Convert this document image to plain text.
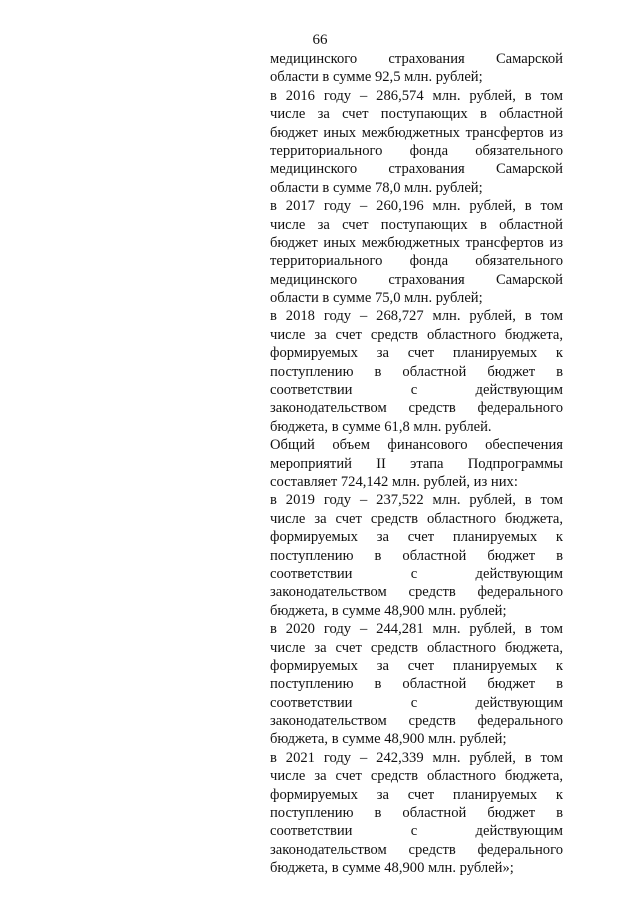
66
медицинского страхования Самарской
области в сумме 92,5 млн. рублей;
в 2016 году – 286,574 млн. рублей, в том
числе за счет поступающих в областной
бюджет иных межбюджетных трансфертов из
территориального фонда обязательного
медицинского страхования Самарской
области в сумме 78,0 млн. рублей;
в 2017 году – 260,196 млн. рублей, в том
числе за счет поступающих в областной
бюджет иных межбюджетных трансфертов из
территориального фонда обязательного
медицинского страхования Самарской
области в сумме 75,0 млн. рублей;
в 2018 году – 268,727 млн. рублей, в том
числе за счет средств областного бюджета,
формируемых за счет планируемых к
поступлению в областной бюджет в
соответствии с действующим
законодательством средств федерального
бюджета, в сумме 61,8 млн. рублей.
Общий объем финансового обеспечения
мероприятий II этапа Подпрограммы
составляет 724,142 млн. рублей, из них:
в 2019 году – 237,522 млн. рублей, в том
числе за счет средств областного бюджета,
формируемых за счет планируемых к
поступлению в областной бюджет в
соответствии с действующим
законодательством средств федерального
бюджета, в сумме 48,900 млн. рублей;
в 2020 году – 244,281 млн. рублей, в том
числе за счет средств областного бюджета,
формируемых за счет планируемых к
поступлению в областной бюджет в
соответствии с действующим
законодательством средств федерального
бюджета, в сумме 48,900 млн. рублей;
в 2021 году – 242,339 млн. рублей, в том
числе за счет средств областного бюджета,
формируемых за счет планируемых к
поступлению в областной бюджет в
соответствии с действующим
законодательством средств федерального
бюджета, в сумме 48,900 млн. рублей»;
